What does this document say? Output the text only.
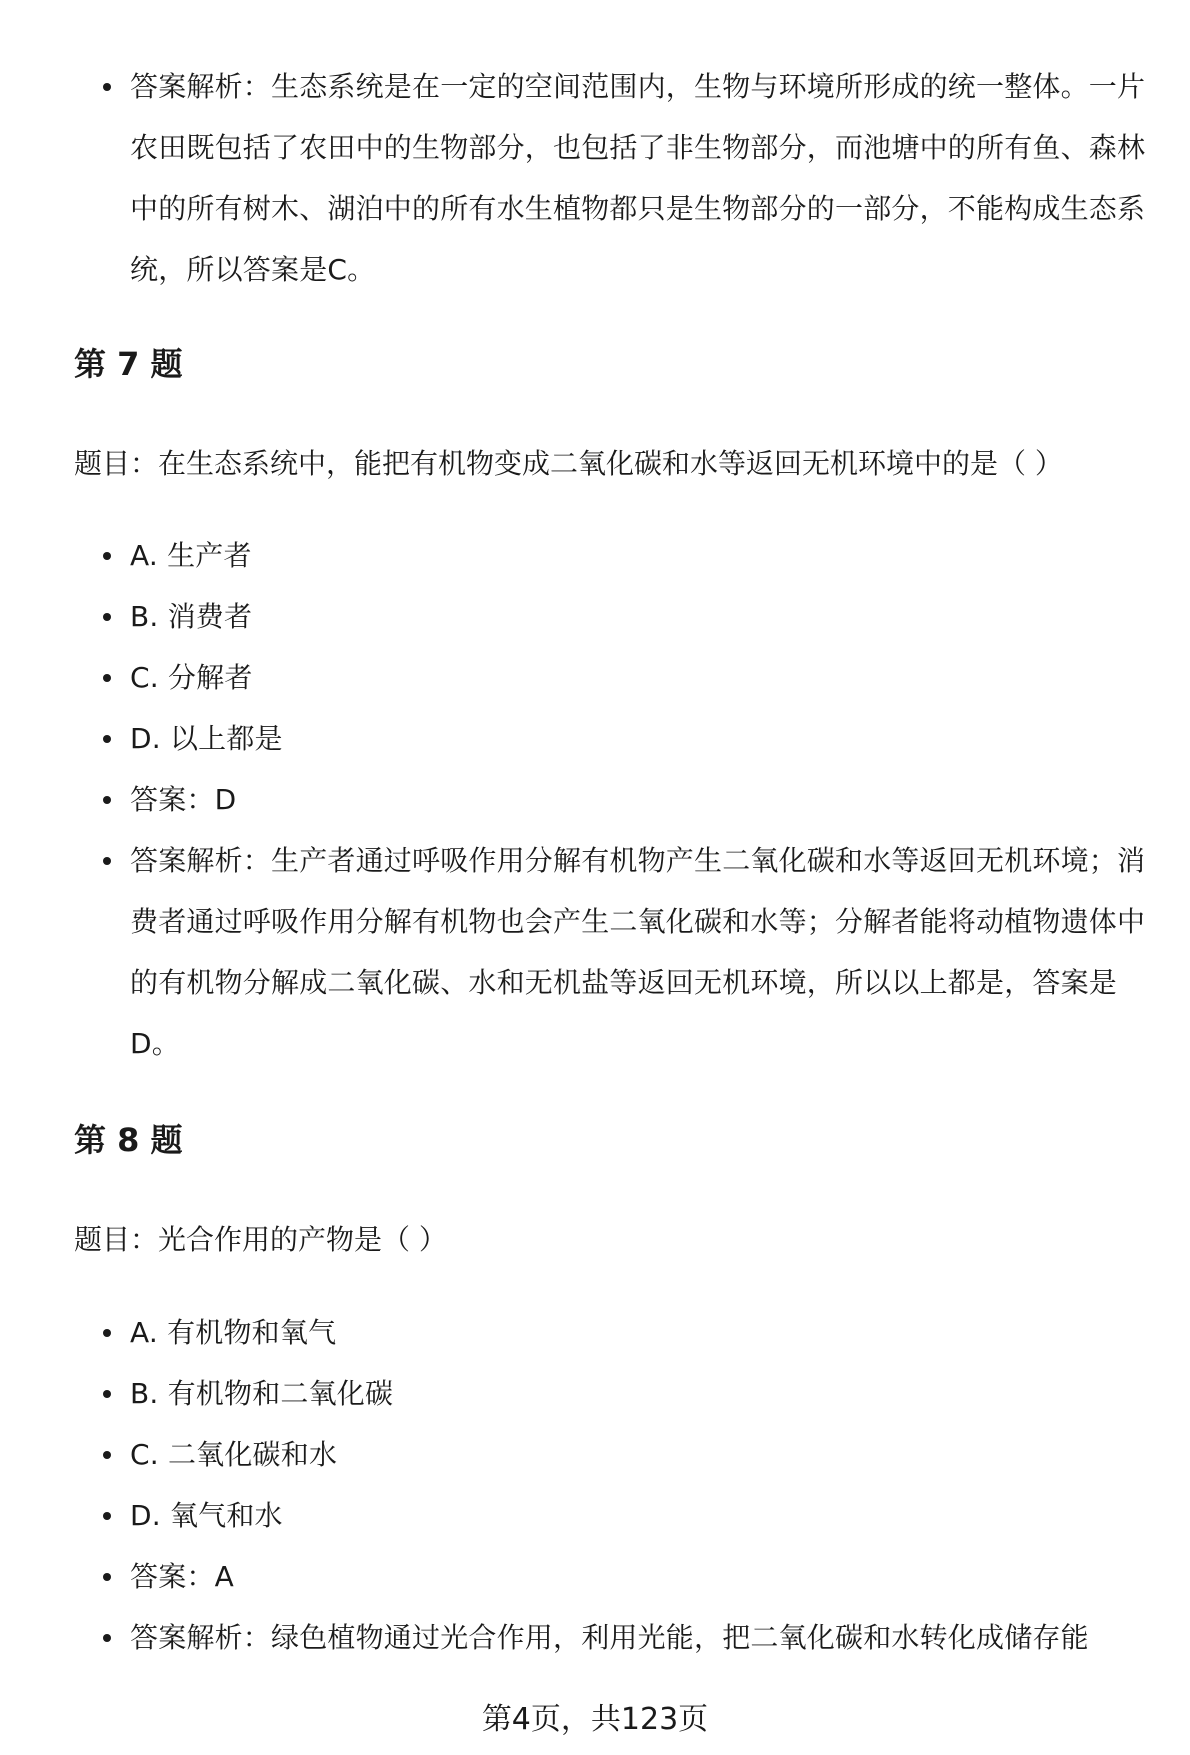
答案解析：生态系统是在一定的空间范围内，生物与环境所形成的统一整体。一片农田既包括了农田中的生物部分，也包括了非生物部分，而池塘中的所有鱼、森林中的所有树木、湖泊中的所有水生植物都只是生物部分的一部分，不能构成生态系统，所以答案是C。
第 7 题

题目：在生态系统中，能把有机物变成二氧化碳和水等返回无机环境中的是（ ）

A. 生产者
B. 消费者
C. 分解者
D. 以上都是
答案：D
答案解析：生产者通过呼吸作用分解有机物产生二氧化碳和水等返回无机环境；消费者通过呼吸作用分解有机物也会产生二氧化碳和水等；分解者能将动植物遗体中的有机物分解成二氧化碳、水和无机盐等返回无机环境，所以以上都是，答案是D。
第 8 题

题目：光合作用的产物是（ ）

A. 有机物和氧气
B. 有机物和二氧化碳
C. 二氧化碳和水
D. 氧气和水
答案：A
答案解析：绿色植物通过光合作用，利用光能，把二氧化碳和水转化成储存能
第4页，共123页
